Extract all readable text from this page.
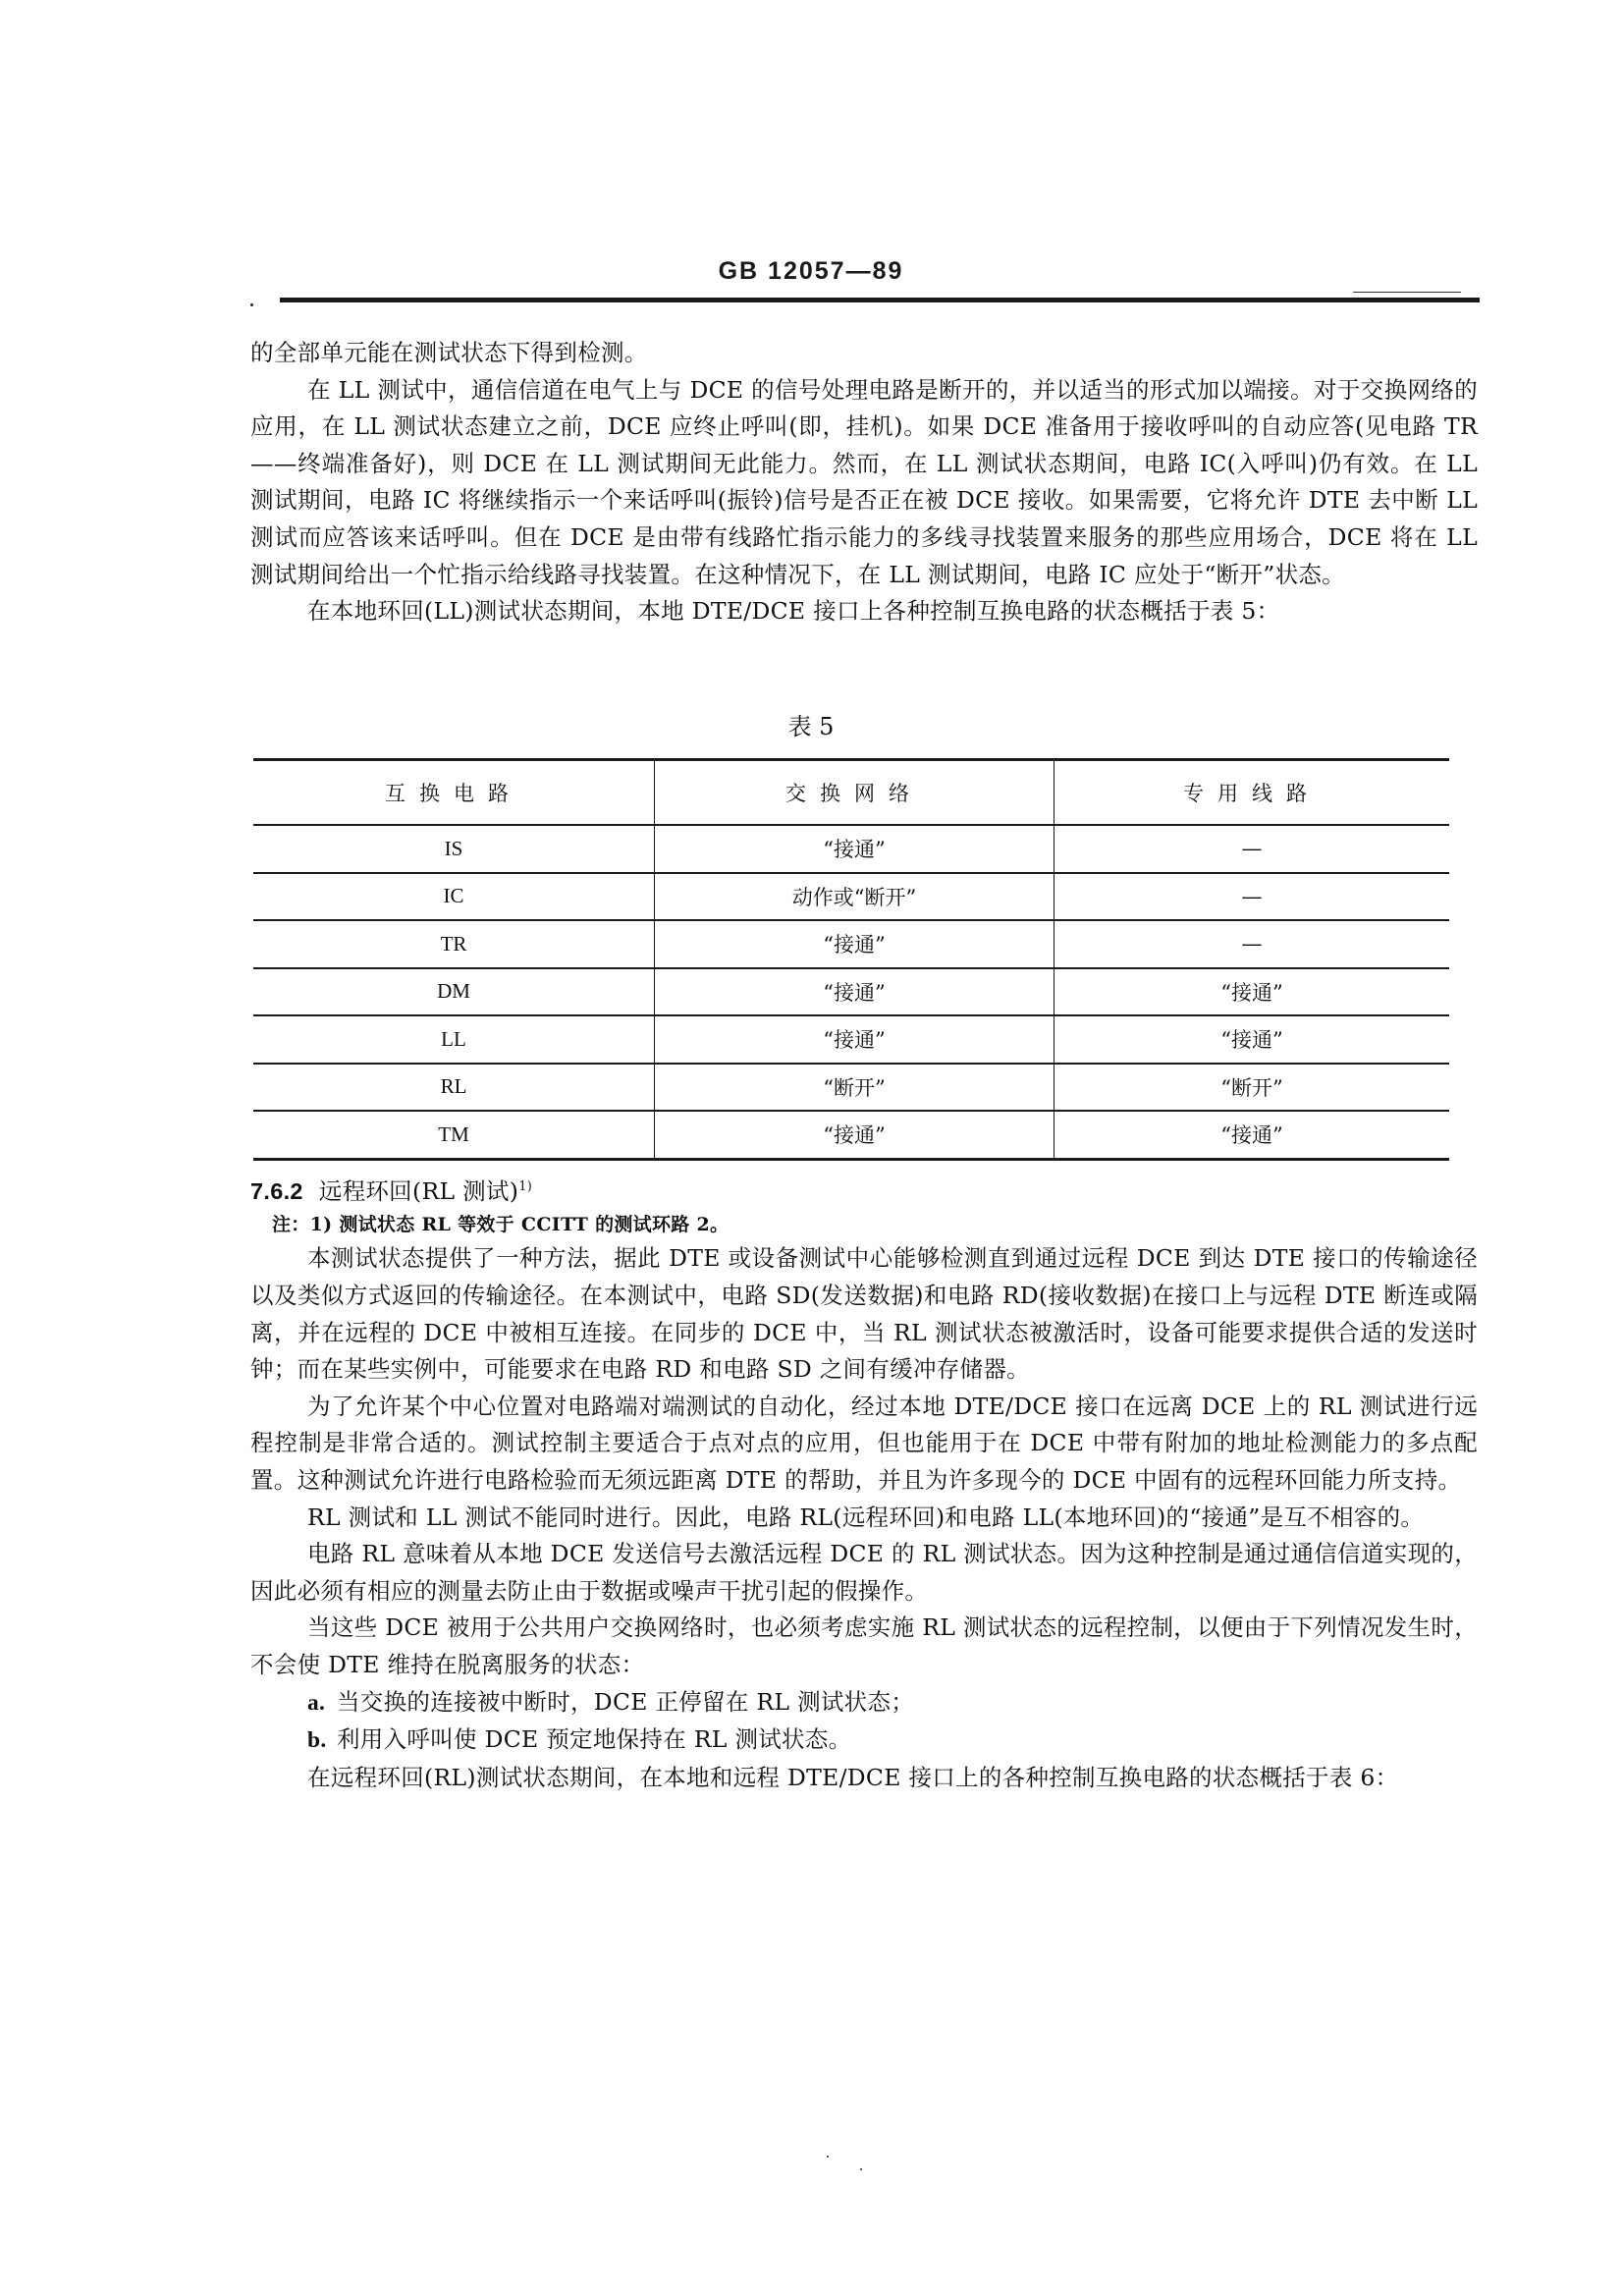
GB 12057—89

的全部单元能在测试状态下得到检测。

在 LL 测试中，通信信道在电气上与 DCE 的信号处理电路是断开的，并以适当的形式加以端接。对于交换网络的应用，在 LL 测试状态建立之前，DCE 应终止呼叫(即，挂机)。如果 DCE 准备用于接收呼叫的自动应答(见电路 TR——终端准备好)，则 DCE 在 LL 测试期间无此能力。然而，在 LL 测试状态期间，电路 IC(入呼叫)仍有效。在 LL 测试期间，电路 IC 将继续指示一个来话呼叫(振铃)信号是否正在被 DCE 接收。如果需要，它将允许 DTE 去中断 LL 测试而应答该来话呼叫。但在 DCE 是由带有线路忙指示能力的多线寻找装置来服务的那些应用场合，DCE 将在 LL 测试期间给出一个忙指示给线路寻找装置。在这种情况下，在 LL 测试期间，电路 IC 应处于“断开”状态。

在本地环回(LL)测试状态期间，本地 DTE/DCE 接口上各种控制互换电路的状态概括于表 5：

表 5
互换电路	交换网络	专用线路
IS	“接通”	—
IC	动作或“断开”	—
TR	“接通”	—
DM	“接通”	“接通”
LL	“接通”	“接通”
RL	“断开”	“断开”
TM	“接通”	“接通”

7.6.2 远程环回(RL 测试)$^{1)}$

注：1) 测试状态 RL 等效于 CCITT 的测试环路 2。

本测试状态提供了一种方法，据此 DTE 或设备测试中心能够检测直到通过远程 DCE 到达 DTE 接口的传输途径以及类似方式返回的传输途径。在本测试中，电路 SD(发送数据)和电路 RD(接收数据)在接口上与远程 DTE 断连或隔离，并在远程的 DCE 中被相互连接。在同步的 DCE 中，当 RL 测试状态被激活时，设备可能要求提供合适的发送时钟；而在某些实例中，可能要求在电路 RD 和电路 SD 之间有缓冲存储器。

为了允许某个中心位置对电路端对端测试的自动化，经过本地 DTE/DCE 接口在远离 DCE 上的 RL 测试进行远程控制是非常合适的。测试控制主要适合于点对点的应用，但也能用于在 DCE 中带有附加的地址检测能力的多点配置。这种测试允许进行电路检验而无须远距离 DTE 的帮助，并且为许多现今的 DCE 中固有的远程环回能力所支持。

RL 测试和 LL 测试不能同时进行。因此，电路 RL(远程环回)和电路 LL(本地环回)的“接通”是互不相容的。

电路 RL 意味着从本地 DCE 发送信号去激活远程 DCE 的 RL 测试状态。因为这种控制是通过通信信道实现的，因此必须有相应的测量去防止由于数据或噪声干扰引起的假操作。

当这些 DCE 被用于公共用户交换网络时，也必须考虑实施 RL 测试状态的远程控制，以便由于下列情况发生时，不会使 DTE 维持在脱离服务的状态：

a. 当交换的连接被中断时，DCE 正停留在 RL 测试状态；

b. 利用入呼叫使 DCE 预定地保持在 RL 测试状态。

在远程环回(RL)测试状态期间，在本地和远程 DTE/DCE 接口上的各种控制互换电路的状态概括于表 6：
